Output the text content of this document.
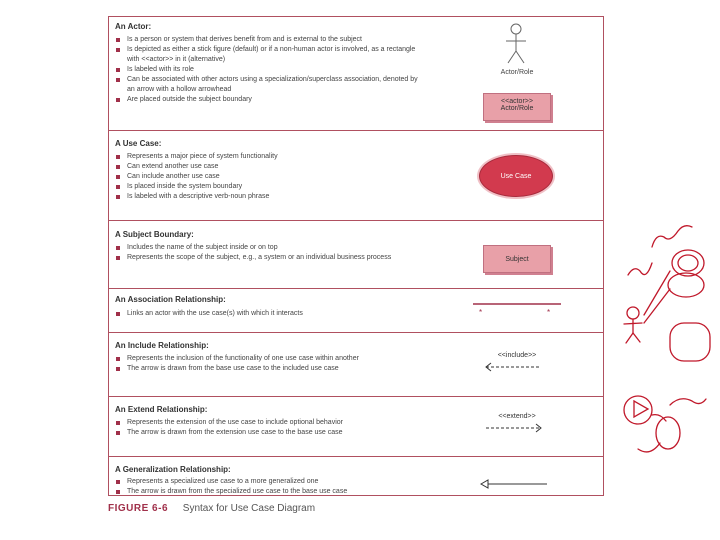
An Actor:
Is a person or system that derives benefit from and is external to the subject
Is depicted as either a stick figure (default) or if a non-human actor is involved, as a rectangle with <<actor>> in it (alternative)
Is labeled with its role
Can be associated with other actors using a specialization/superclass association, denoted by an arrow with a hollow arrowhead
Are placed outside the subject boundary
Actor/Role
<<actor>>
Actor/Role
A Use Case:
Represents a major piece of system functionality
Can extend another use case
Can include another use case
Is placed inside the system boundary
Is labeled with a descriptive verb-noun phrase
Use Case
A Subject Boundary:
Includes the name of the subject inside or on top
Represents the scope of the subject, e.g., a system or an individual business process	Subject
An Association Relationship:
Links an actor with the use case(s) with which it interacts	*	*
An Include Relationship:
Represents the inclusion of the functionality of one use case within another
The arrow is drawn from the base use case to the included use case
<<include>>
An Extend Relationship:
Represents the extension of the use case to include optional behavior
The arrow is drawn from the extension use case to the base use case
<<extend>>
A Generalization Relationship:
Represents a specialized use case to a more generalized one
The arrow is drawn from the specialized use case to the base use case
FIGURE 6-6 Syntax for Use Case Diagram
